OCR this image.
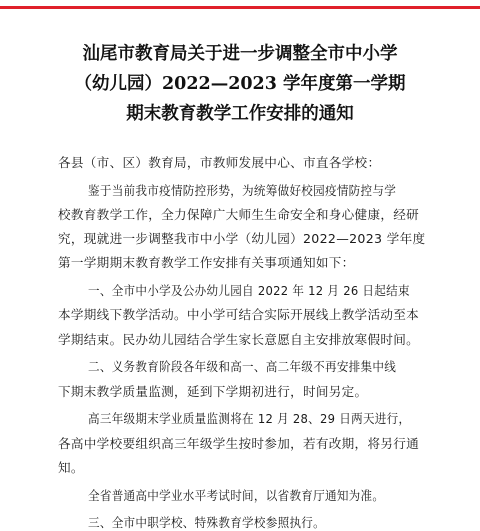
汕尾市教育局关于进一步调整全市中小学
（幼儿园）2022—2023 学年度第一学期
期末教育教学工作安排的通知

各县（市、区）教育局，市教师发展中心、市直各学校：

鉴于当前我市疫情防控形势，为统筹做好校园疫情防控与学

校教育教学工作，全力保障广大师生生命安全和身心健康，经研

究，现就进一步调整我市中小学（幼儿园）2022—2023 学年度

第一学期期末教育教学工作安排有关事项通知如下：

一、全市中小学及公办幼儿园自 2022 年 12 月 26 日起结束

本学期线下教学活动。中小学可结合实际开展线上教学活动至本

学期结束。民办幼儿园结合学生家长意愿自主安排放寒假时间。

二、义务教育阶段各年级和高一、高二年级不再安排集中线

下期末教学质量监测，延到下学期初进行，时间另定。

高三年级期末学业质量监测将在 12 月 28、29 日两天进行，

各高中学校要组织高三年级学生按时参加，若有改期，将另行通

知。

全省普通高中学业水平考试时间，以省教育厅通知为准。

三、全市中职学校、特殊教育学校参照执行。
